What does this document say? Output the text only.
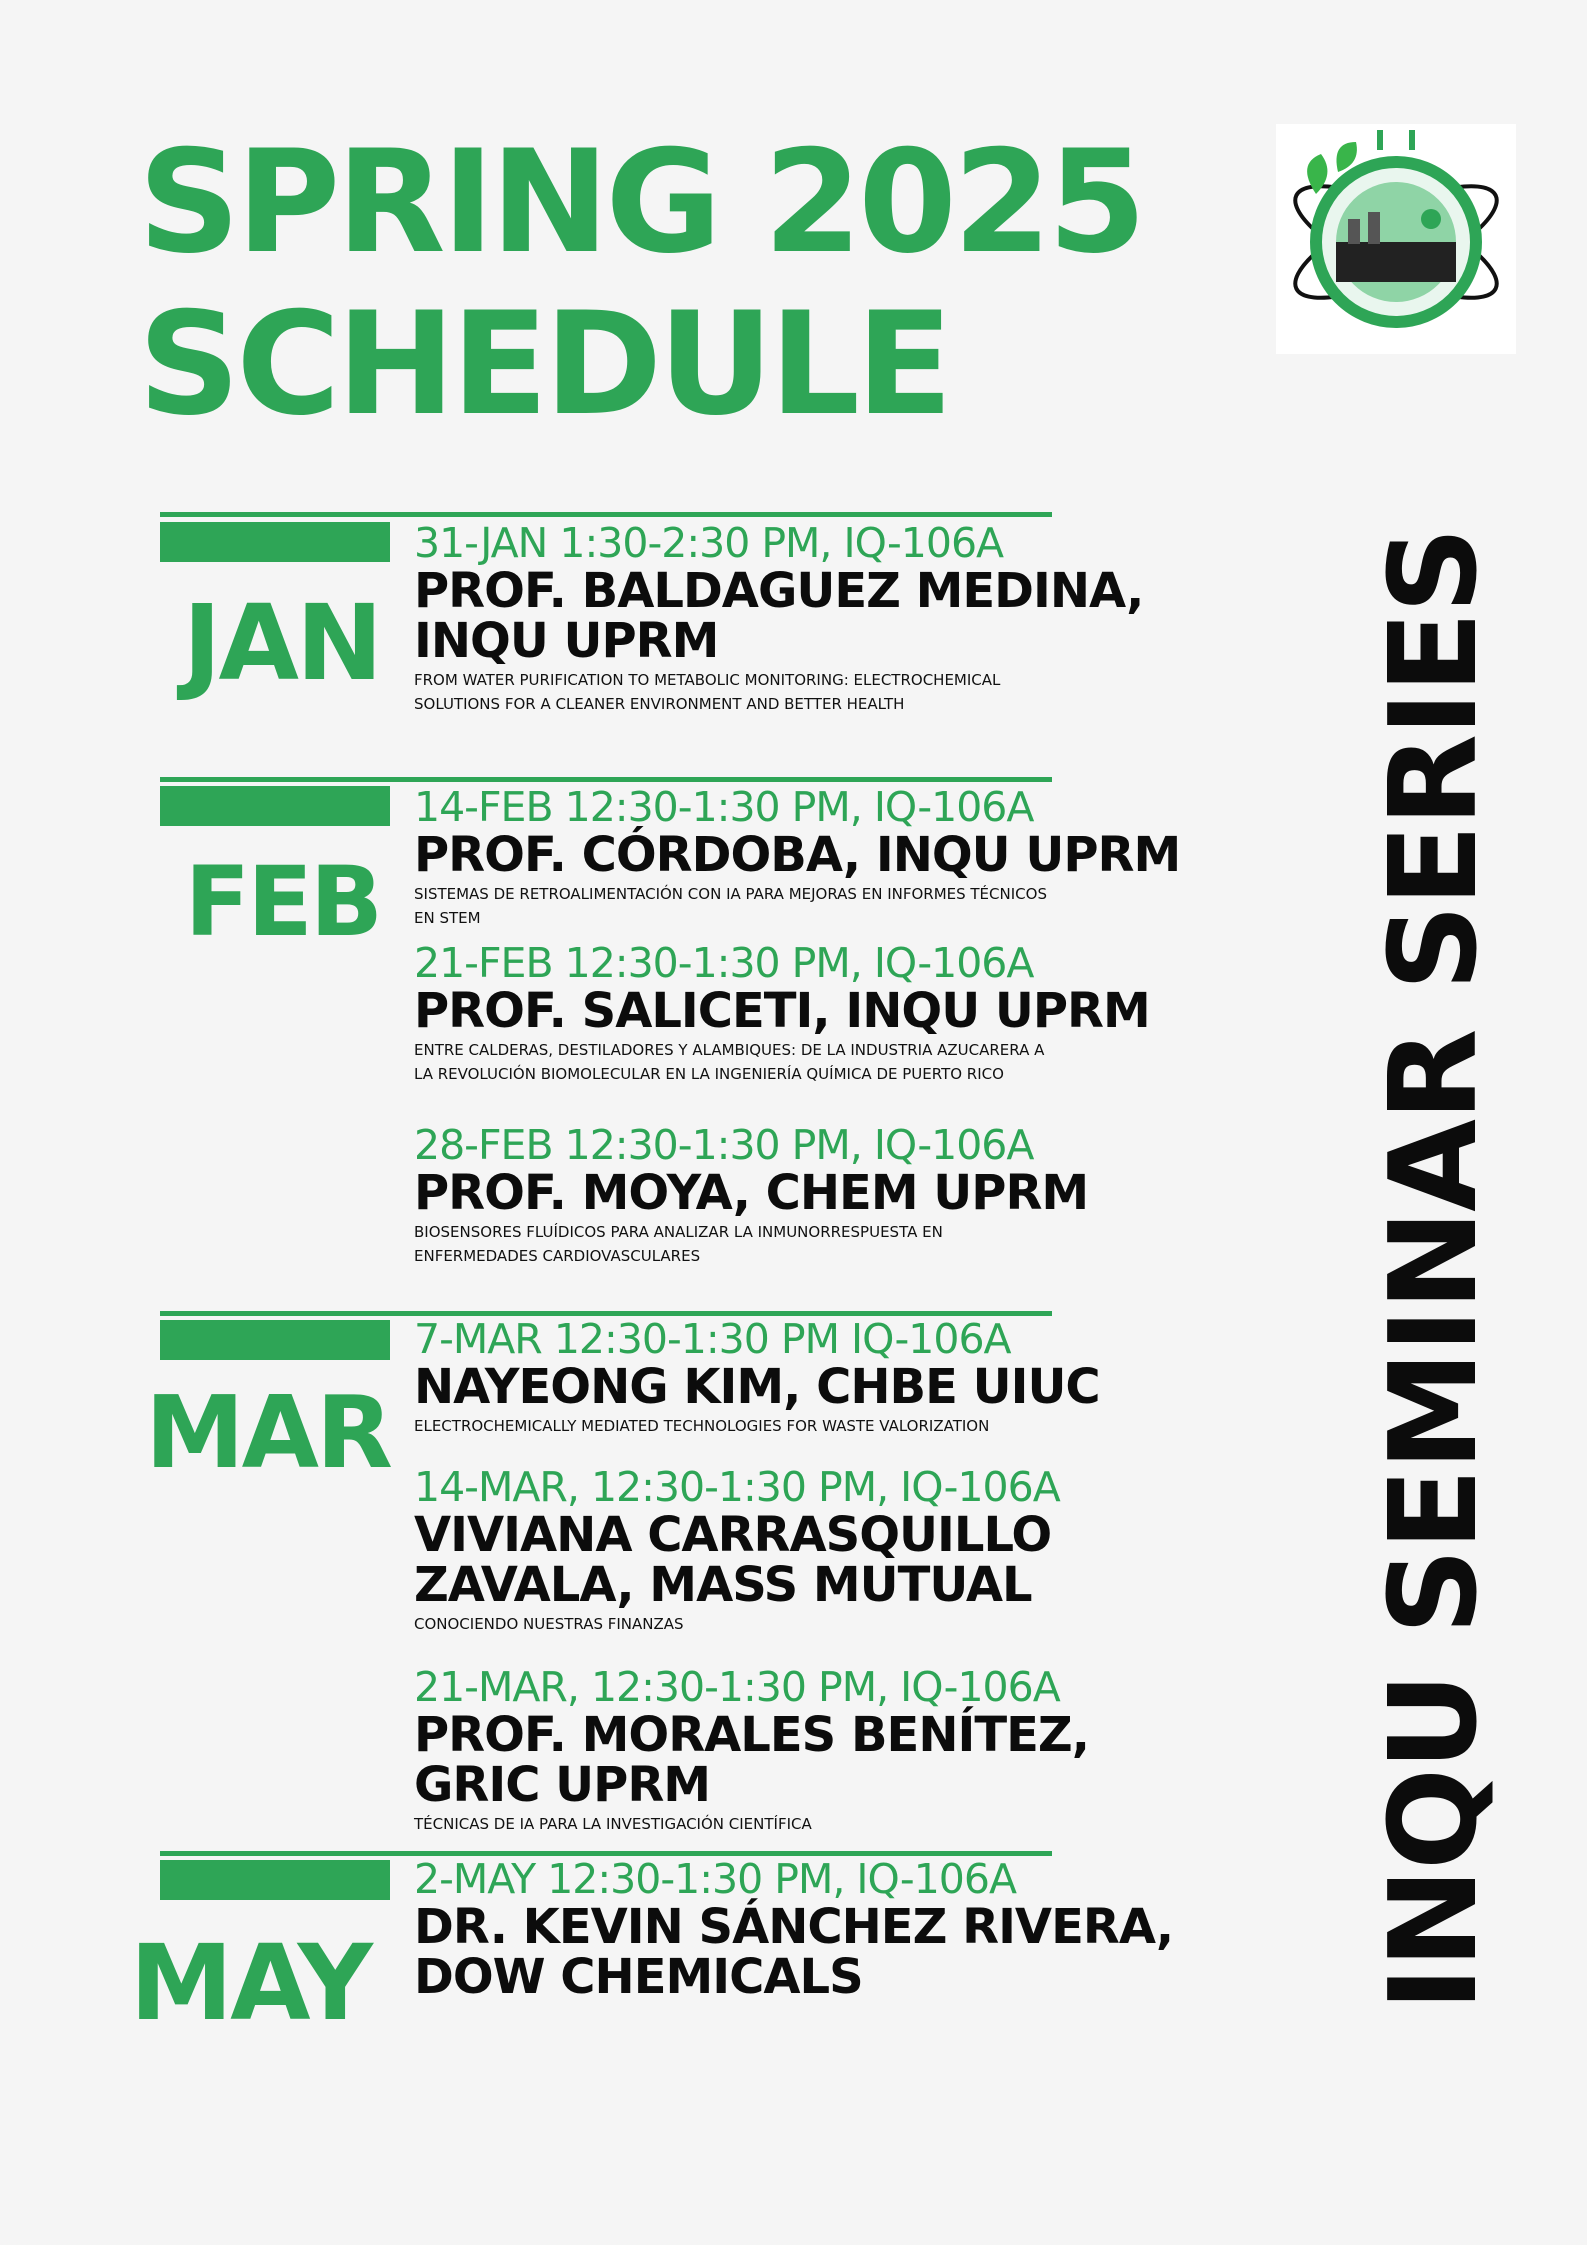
SPRING 2025
SCHEDULE
INQU SEMINAR SERIES
JAN
31-JAN 1:30-2:30 PM, IQ-106A
PROF. BALDAGUEZ MEDINA, INQU UPRM
FROM WATER PURIFICATION TO METABOLIC MONITORING: ELECTROCHEMICAL SOLUTIONS FOR A CLEANER ENVIRONMENT AND BETTER HEALTH
FEB
14-FEB 12:30-1:30 PM, IQ-106A
PROF. CÓRDOBA, INQU UPRM
SISTEMAS DE RETROALIMENTACIÓN CON IA PARA MEJORAS EN INFORMES TÉCNICOS EN STEM
21-FEB 12:30-1:30 PM, IQ-106A
PROF. SALICETI, INQU UPRM
ENTRE CALDERAS, DESTILADORES Y ALAMBIQUES: DE LA INDUSTRIA AZUCARERA A LA REVOLUCIÓN BIOMOLECULAR EN LA INGENIERÍA QUÍMICA DE PUERTO RICO
28-FEB 12:30-1:30 PM, IQ-106A
PROF. MOYA, CHEM UPRM
BIOSENSORES FLUÍDICOS PARA ANALIZAR LA INMUNORRESPUESTA EN ENFERMEDADES CARDIOVASCULARES
MAR
7-MAR 12:30-1:30 PM IQ-106A
NAYEONG KIM, CHBE UIUC
ELECTROCHEMICALLY MEDIATED TECHNOLOGIES FOR WASTE VALORIZATION
14-MAR, 12:30-1:30 PM, IQ-106A
VIVIANA CARRASQUILLO ZAVALA, MASS MUTUAL
CONOCIENDO NUESTRAS FINANZAS
21-MAR, 12:30-1:30 PM, IQ-106A
PROF. MORALES BENÍTEZ, GRIC UPRM
TÉCNICAS DE IA PARA LA INVESTIGACIÓN CIENTÍFICA
MAY
2-MAY 12:30-1:30 PM, IQ-106A
DR. KEVIN SÁNCHEZ RIVERA, DOW CHEMICALS
